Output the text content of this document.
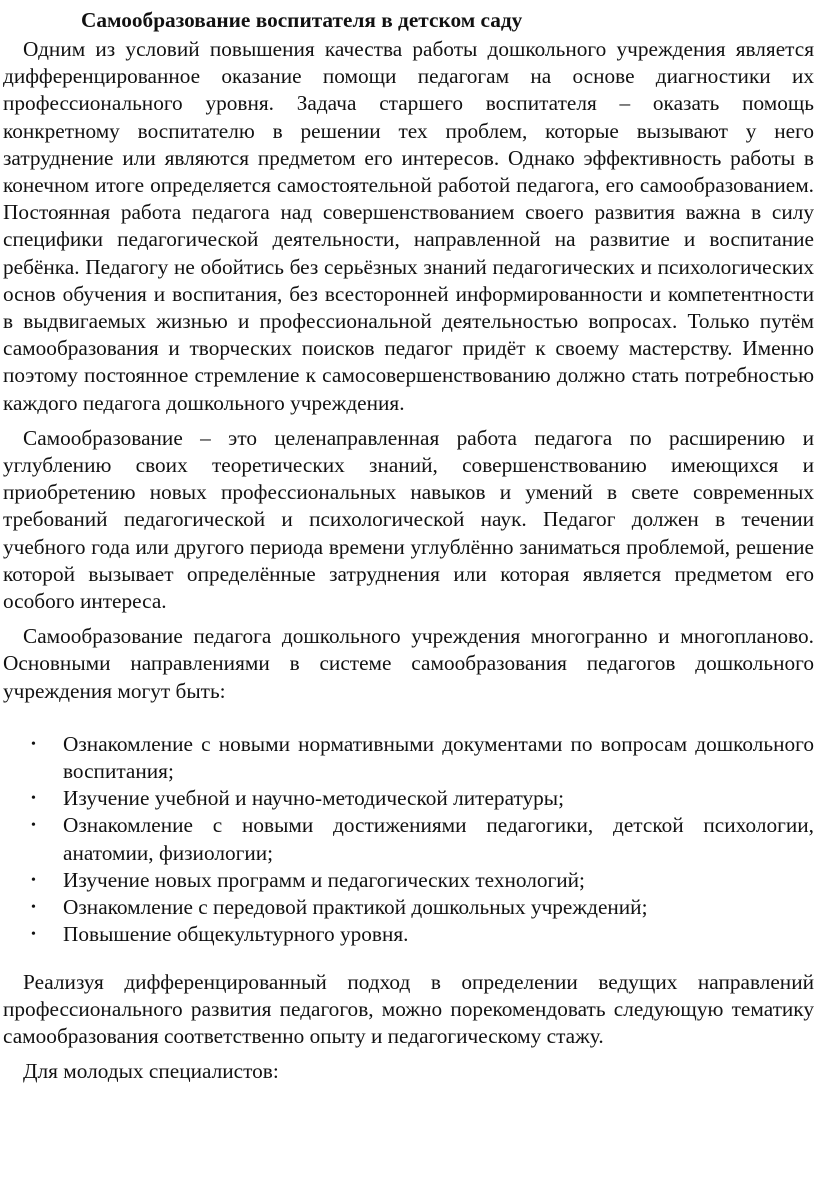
Самообразование воспитателя в детском саду

Одним из условий повышения качества работы дошкольного учреждения является дифференцированное оказание помощи педагогам на основе диагностики их профессионального уровня. Задача старшего воспитателя – оказать помощь конкретному воспитателю в решении тех проблем, которые вызывают у него затруднение или являются предметом его интересов. Однако эффективность работы в конечном итоге определяется самостоятельной работой педагога, его самообразованием. Постоянная работа педагога над совершенствованием своего развития важна в силу специфики педагогической деятельности, направленной на развитие и воспитание ребёнка. Педагогу не обойтись без серьёзных знаний педагогических и психологических основ обучения и воспитания, без всесторонней информированности и компетентности в выдвигаемых жизнью и профессиональной деятельностью вопросах. Только путём самообразования и творческих поисков педагог придёт к своему мастерству. Именно поэтому постоянное стремление к самосовершенствованию должно стать потребностью каждого педагога дошкольного учреждения.

Самообразование – это целенаправленная работа педагога по расширению и углублению своих теоретических знаний, совершенствованию имеющихся и приобретению новых профессиональных навыков и умений в свете современных требований педагогической и психологической наук. Педагог должен в течении учебного года или другого периода времени углублённо заниматься проблемой, решение которой вызывает определённые затруднения или которая является предметом его особого интереса.

Самообразование педагога дошкольного учреждения многогранно и многопланово. Основными направлениями в системе самообразования педагогов дошкольного учреждения могут быть:

• Ознакомление с новыми нормативными документами по вопросам дошкольного воспитания;
• Изучение учебной и научно-методической литературы;
• Ознакомление с новыми достижениями педагогики, детской психологии, анатомии, физиологии;
• Изучение новых программ и педагогических технологий;
• Ознакомление с передовой практикой дошкольных учреждений;
• Повышение общекультурного уровня.

Реализуя дифференцированный подход в определении ведущих направлений профессионального развития педагогов, можно порекомендовать следующую тематику самообразования соответственно опыту и педагогическому стажу.

Для молодых специалистов:
